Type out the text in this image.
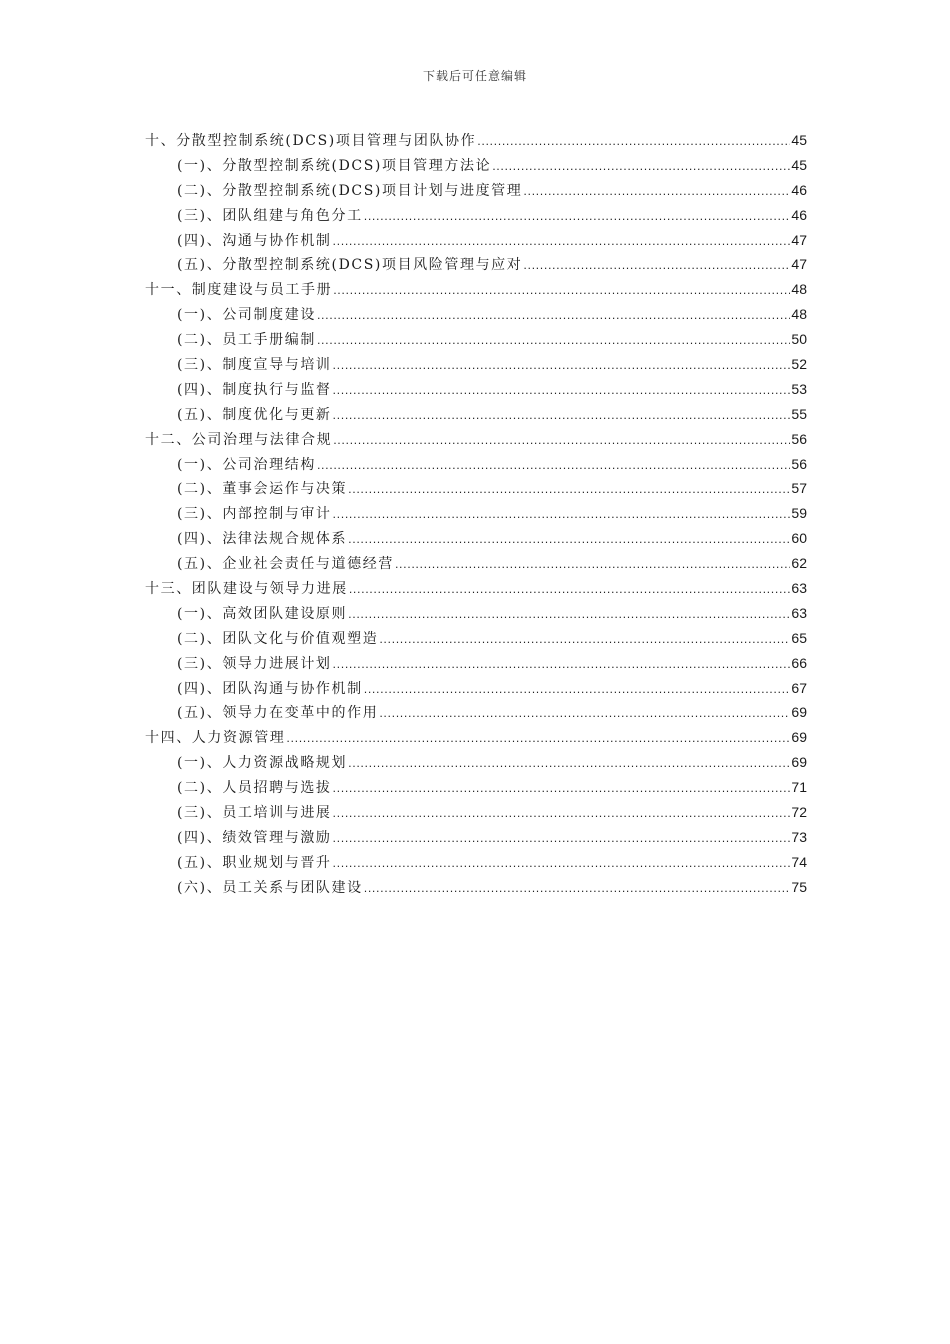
下载后可任意编辑
十、分散型控制系统(DCS)项目管理与团队协作 .....	45
(一)、分散型控制系统(DCS)项目管理方法论 .....	45
(二)、分散型控制系统(DCS)项目计划与进度管理 .....	46
(三)、团队组建与角色分工 .....	46
(四)、沟通与协作机制 .....	47
(五)、分散型控制系统(DCS)项目风险管理与应对 .....	47
十一、制度建设与员工手册 .....	48
(一)、公司制度建设 .....	48
(二)、员工手册编制 .....	50
(三)、制度宣导与培训 .....	52
(四)、制度执行与监督 .....	53
(五)、制度优化与更新 .....	55
十二、公司治理与法律合规 .....	56
(一)、公司治理结构 .....	56
(二)、董事会运作与决策 .....	57
(三)、内部控制与审计 .....	59
(四)、法律法规合规体系 .....	60
(五)、企业社会责任与道德经营 .....	62
十三、团队建设与领导力进展 .....	63
(一)、高效团队建设原则 .....	63
(二)、团队文化与价值观塑造 .....	65
(三)、领导力进展计划 .....	66
(四)、团队沟通与协作机制 .....	67
(五)、领导力在变革中的作用 .....	69
十四、人力资源管理 .....	69
(一)、人力资源战略规划 .....	69
(二)、人员招聘与选拔 .....	71
(三)、员工培训与进展 .....	72
(四)、绩效管理与激励 .....	73
(五)、职业规划与晋升 .....	74
(六)、员工关系与团队建设 .....	75
